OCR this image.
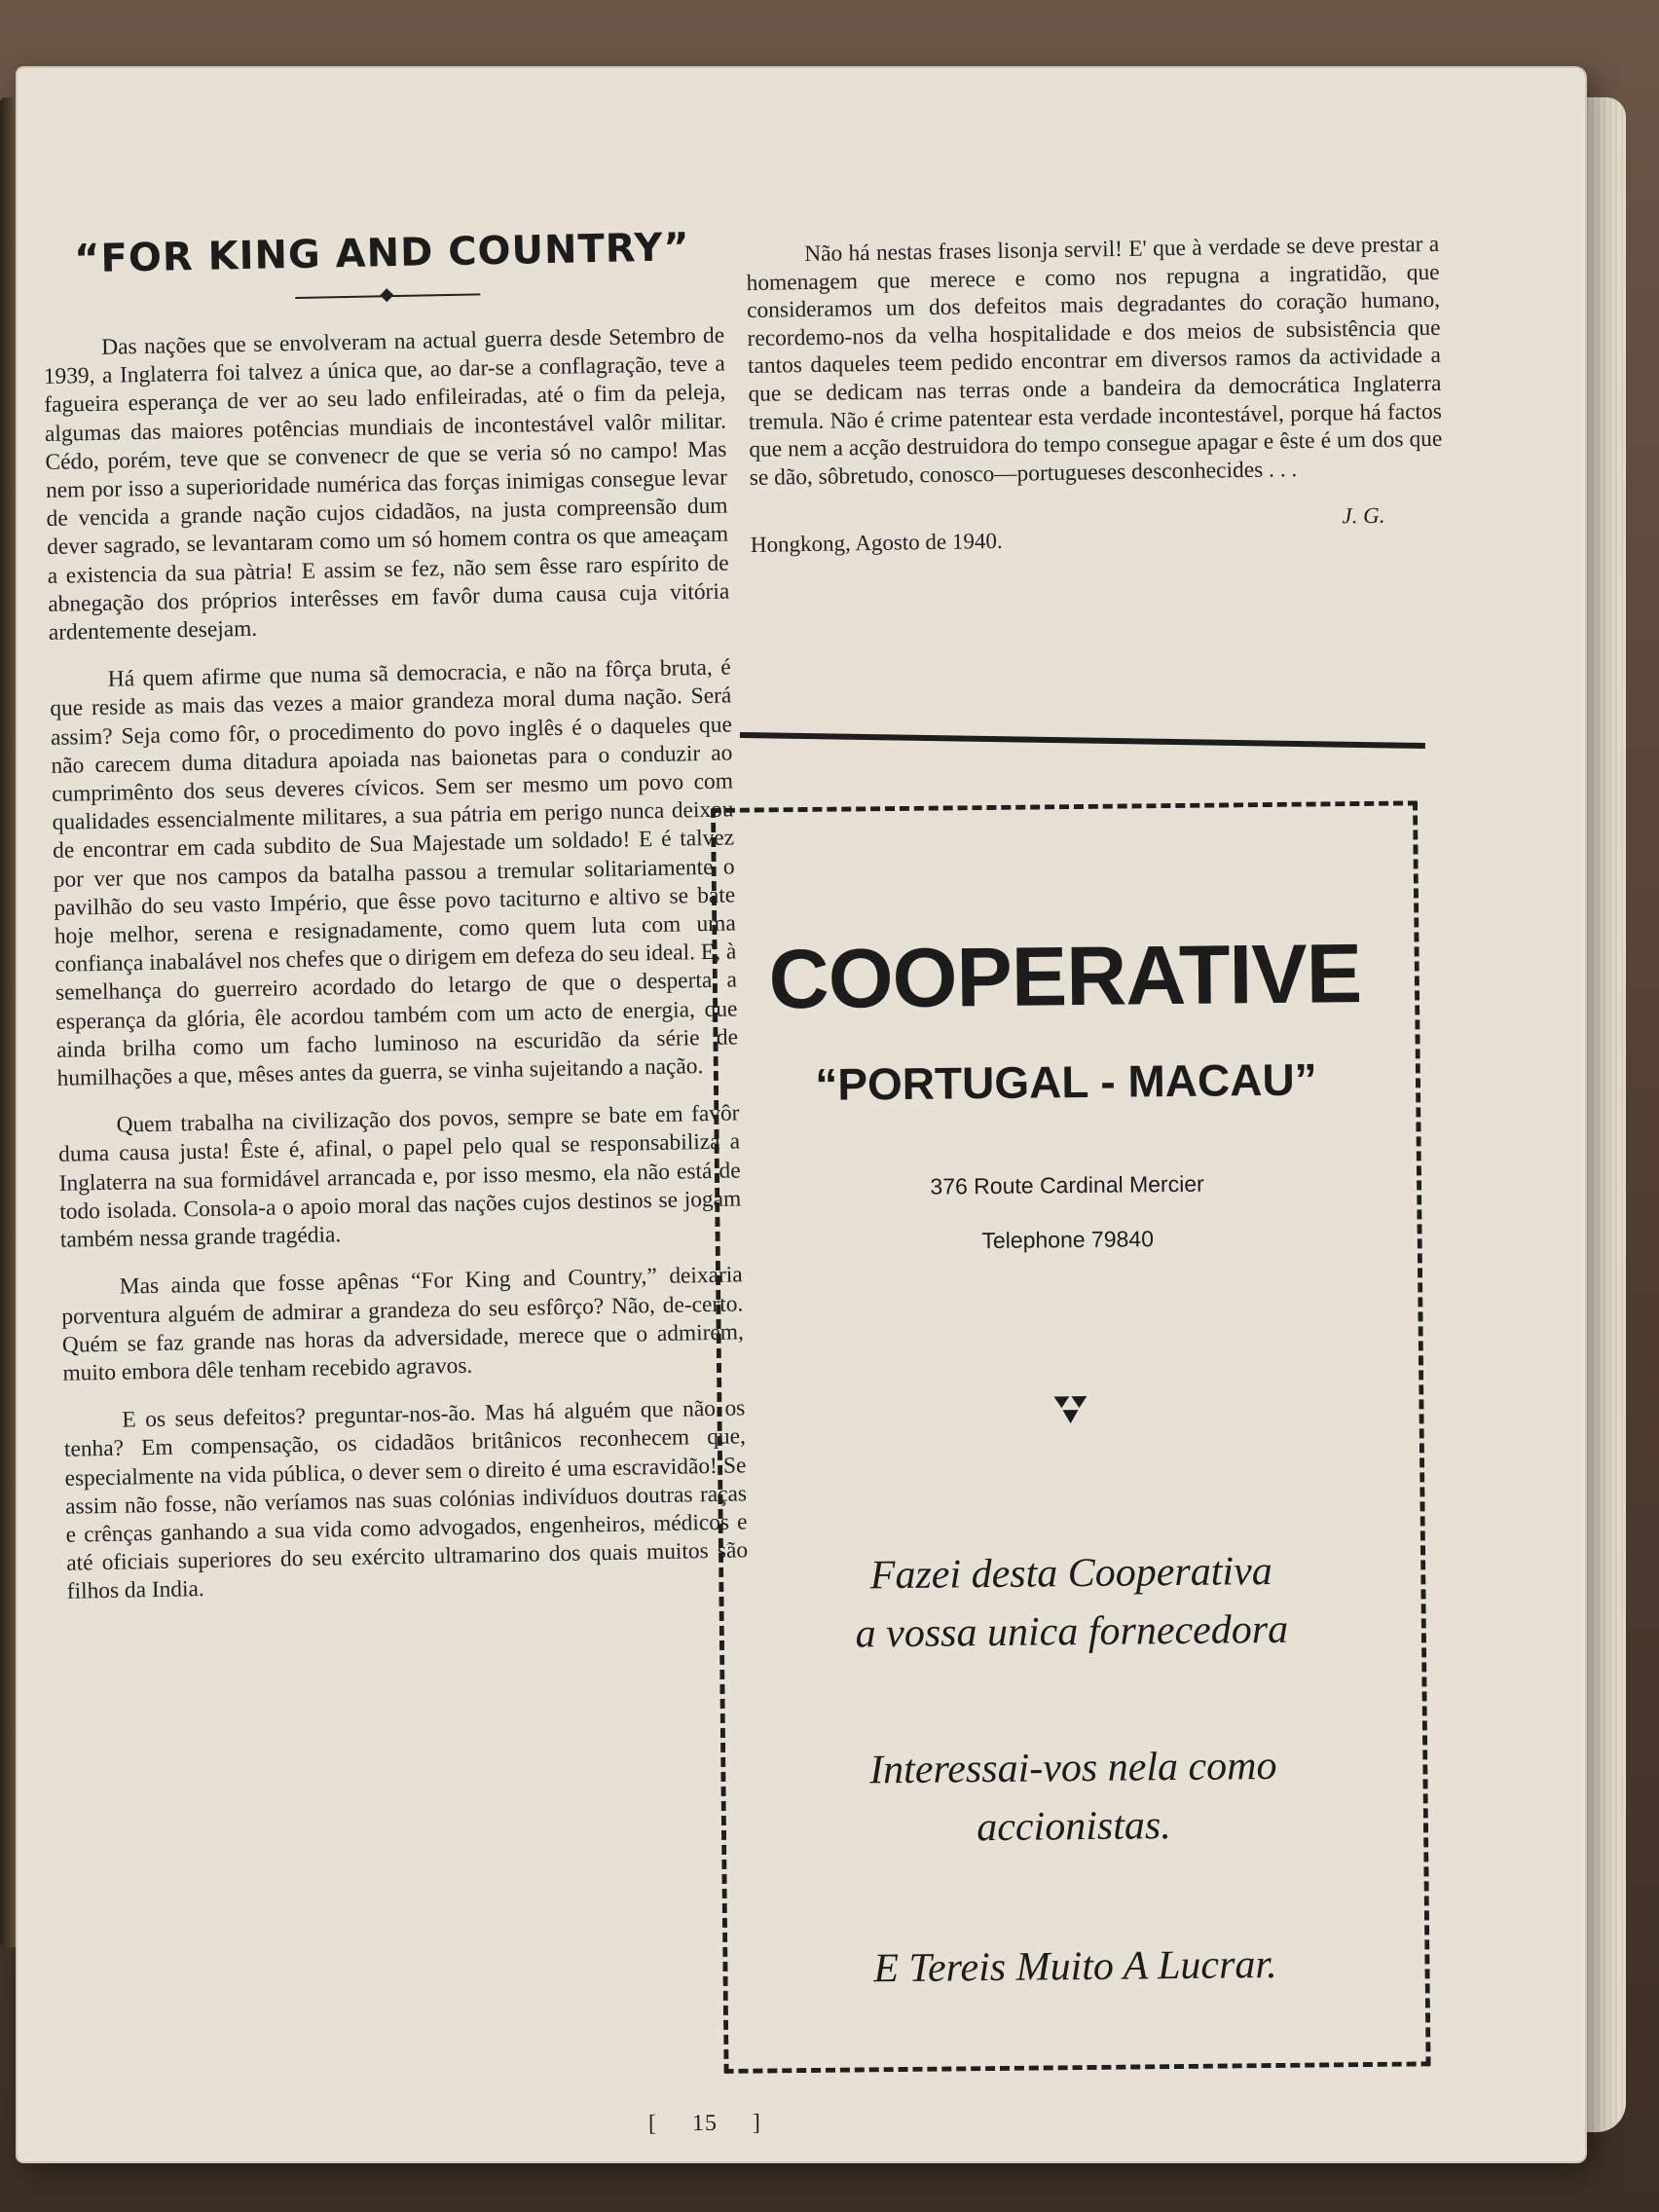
“FOR KING AND COUNTRY”

Das nações que se envolveram na actual guerra desde Setembro de 1939, a Inglaterra foi talvez a única que, ao dar-se a conflagração, teve a fagueira esperança de ver ao seu lado enfileiradas, até o fim da peleja, algumas das maiores potências mundiais de incontestável valôr militar. Cédo, porém, teve que se convenecr de que se veria só no campo! Mas nem por isso a superioridade numérica das forças inimigas consegue levar de vencida a grande nação cujos cidadãos, na justa compreensão dum dever sagrado, se levantaram como um só homem contra os que ameaçam a existencia da sua pàtria! E assim se fez, não sem êsse raro espírito de abnegação dos próprios interêsses em favôr duma causa cuja vitória ardentemente desejam.

Há quem afirme que numa sã democracia, e não na fôrça bruta, é que reside as mais das vezes a maior grandeza moral duma nação. Será assim? Seja como fôr, o procedimento do povo inglês é o daqueles que não carecem duma ditadura apoiada nas baionetas para o conduzir ao cumprimênto dos seus deveres cívicos. Sem ser mesmo um povo com qualidades essencialmente militares, a sua pátria em perigo nunca deixou de encontrar em cada subdito de Sua Majestade um soldado! E é talvez por ver que nos campos da batalha passou a tremular solitariamente o pavilhão do seu vasto Império, que êsse povo taciturno e altivo se bate hoje melhor, serena e resignadamente, como quem luta com uma confiança inabalável nos chefes que o dirigem em defeza do seu ideal. E, à semelhança do guerreiro acordado do letargo de que o desperta a esperança da glória, êle acordou também com um acto de energia, que ainda brilha como um facho luminoso na escuridão da série de humilhações a que, mêses antes da guerra, se vinha sujeitando a nação.

Quem trabalha na civilização dos povos, sempre se bate em favôr duma causa justa! Êste é, afinal, o papel pelo qual se responsabiliza a Inglaterra na sua formidável arrancada e, por isso mesmo, ela não está de todo isolada. Consola-a o apoio moral das nações cujos destinos se jogam também nessa grande tragédia.

Mas ainda que fosse apênas “For King and Country,” deixaria porventura alguém de admirar a grandeza do seu esfôrço? Não, de-certo. Quém se faz grande nas horas da adversidade, merece que o admirem, muito embora dêle tenham recebido agravos.

E os seus defeitos? preguntar-nos-ão. Mas há alguém que não os tenha? Em compensação, os cidadãos britânicos reconhecem que, especialmente na vida pública, o dever sem o direito é uma escravidão! Se assim não fosse, não veríamos nas suas colónias indivíduos doutras raças e crênças ganhando a sua vida como advogados, engenheiros, médicos e até oficiais superiores do seu exército ultramarino dos quais muitos são filhos da India.

Não há nestas frases lisonja servil! E' que à verdade se deve prestar a homenagem que merece e como nos repugna a ingratidão, que consideramos um dos defeitos mais degradantes do coração humano, recordemo-nos da velha hospitalidade e dos meios de subsistência que tantos daqueles teem pedido encontrar em diversos ramos da actividade a que se dedicam nas terras onde a bandeira da democrática Inglaterra tremula. Não é crime patentear esta verdade incontestável, porque há factos que nem a acção destruidora do tempo consegue apagar e êste é um dos que se dão, sôbretudo, conosco—portugueses desconhecides . . .

J. G.
Hongkong, Agosto de 1940.
COOPERATIVE
“PORTUGAL - MACAU”
376 Route Cardinal Mercier
Telephone 79840
Fazei desta Cooperativa
a vossa unica fornecedora
Interessai-vos nela como
accionistas.
E Tereis Muito A Lucrar.
[ 15 ]
